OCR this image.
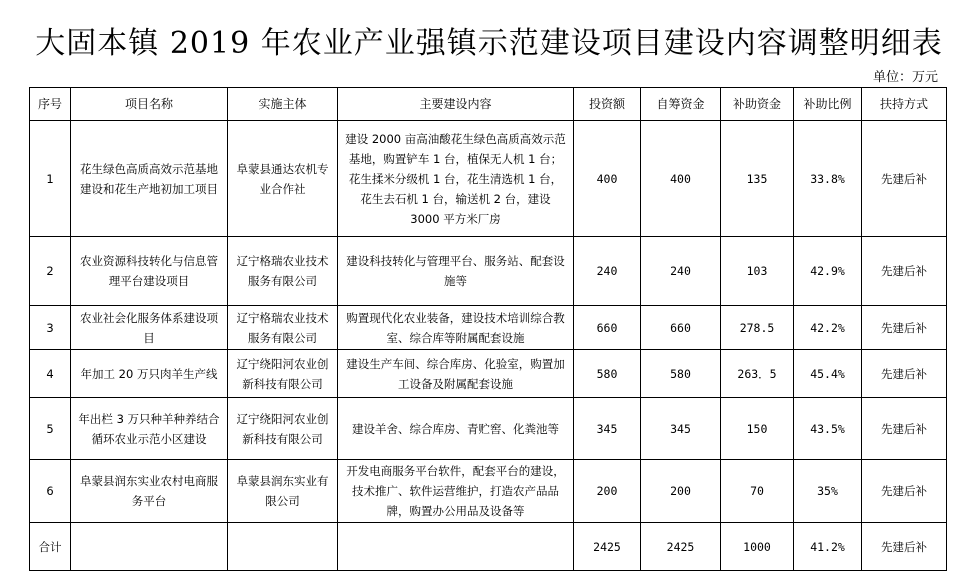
大固本镇 2019 年农业产业强镇示范建设项目建设内容调整明细表
单位：万元
序号	项目名称	实施主体	主要建设内容	投资额	自筹资金	补助资金	补助比例	扶持方式
1	花生绿色高质高效示范基地建设和花生产地初加工项目	阜蒙县通达农机专业合作社	建设 2000 亩高油酸花生绿色高质高效示范基地，购置铲车 1 台，植保无人机 1 台；花生揉米分级机 1 台，花生清选机 1 台，花生去石机 1 台，输送机 2 台，建设 3000 平方米厂房	400	400	135	33.8%	先建后补
2	农业资源科技转化与信息管理平台建设项目	辽宁格瑞农业技术服务有限公司	建设科技转化与管理平台、服务站、配套设施等	240	240	103	42.9%	先建后补
3	农业社会化服务体系建设项目	辽宁格瑞农业技术服务有限公司	购置现代化农业装备，建设技术培训综合教室、综合库等附属配套设施	660	660	278.5	42.2%	先建后补
4	年加工 20 万只肉羊生产线	辽宁绕阳河农业创新科技有限公司	建设生产车间、综合库房、化验室，购置加工设备及附属配套设施	580	580	263．5	45.4%	先建后补
5	年出栏 3 万只种羊种养结合循环农业示范小区建设	辽宁绕阳河农业创新科技有限公司	建设羊舍、综合库房、青贮窖、化粪池等	345	345	150	43.5%	先建后补
6	阜蒙县润东实业农村电商服务平台	阜蒙县润东实业有限公司	开发电商服务平台软件，配套平台的建设，技术推广、软件运营维护，打造农产品品牌，购置办公用品及设备等	200	200	70	35%	先建后补
合计				2425	2425	1000	41.2%	先建后补
